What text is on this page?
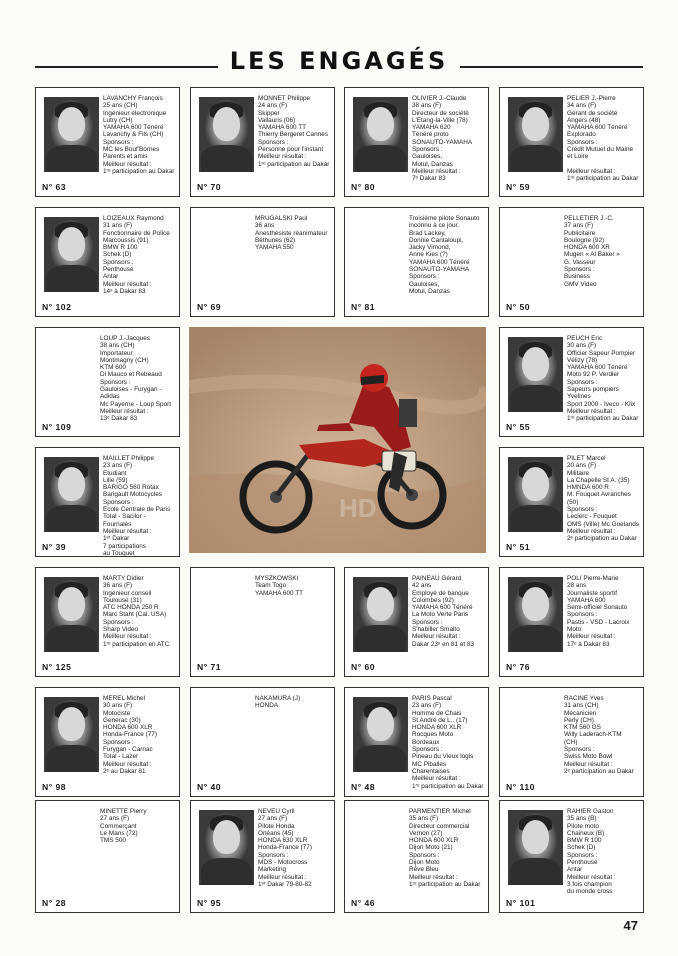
LES ENGAGÉS
LAVANCHY François
25 ans (CH)
Ingénieur électronique
Lutry (CH)
YAMAHA 600 Ténéré
Lavanchy & Fils (CH)
Sponsors :
MC les Bouf'Bornes
Parents et amis
Meilleur résultat :
1ʳᵉ participation au Dakar
N° 63
MONNET Philippe
24 ans (F)
Skipper
Vallauris (06)
YAMAHA 600 TT
Thierry Bergeret Cannes
Sponsors :
Personne pour l'instant
Meilleur résultat :
1ʳᵉ participation au Dakar
N° 70
OLIVIER J.-Claude
38 ans (F)
Directeur de société
L'Etang-la-Ville (78)
YAMAHA 620
Ténéré proto
SONAUTO-YAMAHA
Sponsors :
Gauloises,
Motul, Danzas
Meilleur résultat :
7ᵉ Dakar 83
N° 80
PELIER J.-Pierre
34 ans (F)
Gérant de société
Angers (48)
YAMAHA 600 Ténéré
Explorado
Sponsors :
Crédit Mutuel du Maine
et Loire

Meilleur résultat :
1ʳᵉ participation au Dakar
N° 59
LOIZEAUX Raymond
31 ans (F)
Fonctionnaire de Police
Marcoussis (91)
BMW R 100
Schek (D)
Sponsors :
Penthouse
Antar
Meilleur résultat :
14ᵉ à Dakar 83
N° 102
MRUGALSKI Paul
36 ans
Anesthésiste réanimateur
Béthunes (62)
YAMAHA 550
N° 69
Troisième pilote Sonauto
inconnu à ce jour.
Brad Lackey,
Donnie Cantaloupi,
Jacky Vimond,
Anne Kies (?)
YAMAHA 600 Ténéré
SONAUTO-YAMAHA
Sponsors :
Gauloises,
Motul, Danzas
N° 81
PELLETIER J.-C.
37 ans (F)
Publicitaire
Boulogne (92)
HONDA 600 XR
Mugen « Al Baker »
G. Vasseur
Sponsors :
Business
GMV Video
N° 50
LOUP J.-Jacques
38 ans (CH)
Importateur
Montmagny (CH)
KTM 600
Di Mauco et Rebeaud
Sponsors :
Gauloises - Furygan -
Adidas
Mc Payerne - Loup Sport
Meilleur résultat :
13ᵉ Dakar 83
N° 109
PEUCH Eric
30 ans (F)
Officier Sapeur Pompier
Vélizy (78)
YAMAHA 600 Ténéré
Moto 92 P. Verdier
Sponsors :
Sapeurs pompiers
Yvelines
Sport 2000 - Iveco - Klix
Meilleur résultat :
1ʳᵉ participation au Dakar
N° 55
MAILLET Philippe
23 ans (F)
Etudiant
Lille (59)
BARIGO 560 Rotax
Barigault Motocycles
Sponsors :
Ecole Centrale de Paris
Total - Sacilor -
Fournalès
Meilleur résultat :
1ᵉʳ Dakar
7 participations
au Touquet
N° 39
PILET Marcel
20 ans (F)
Militaire
La Chapelle St A. (35)
HMNDA 600 R
M. Fouquet Avranches
(50)
Sponsors :
Leclerc - Fouquet
OMS (Ville) Mc Goelands
Meilleur résultat :
2ᵉ participation au Dakar
N° 51
MARTY Didier
36 ans (F)
Ingénieur conseil
Toulouse (31)
ATC HONDA 250 R
Marc Staht (Cal. USA)
Sponsors :
Sharp Video
Meilleur résultat :
1ʳᵉ participation en ATC
N° 125
MYSZKOWSKI
Team Togo
YAMAHA 600 TT
N° 71
PAINEAU Gérard
42 ans
Employé de banque
Colombes (92)
YAMAHA 600 Ténéré
La Moto Verte Paris
Sponsors :
S'habiller Smalto
Meilleur résultat :
Dakar 23ᵉ en 81 et 83
N° 60
POLI Pierre-Marie
28 ans
Journaliste sportif
YAMAHA 600
Semi-officiel Sonauto
Sponsors :
Pastis - VSD - Lacroix
Moto
Meilleur résultat :
17ᵉ à Dakar 83
N° 76
MEREL Michel
30 ans (F)
Motociste
Generac (30)
HONDA 600 XLR
Honda-France (77)
Sponsors :
Furygan - Carnac
Total - Lazer
Meilleur résultat :
2ᵉ au Dakar 81
N° 98
NAKAMURA (J)
HONDA
N° 40
PARIS Pascal
23 ans (F)
Homme de Chais
St André de L.. (17)
HONDA 600 XLR
Rocques Moto
Bordeaux
Sponsors :
Pineau du Vieux logis
MC Piballes
Charentaises
Meilleur résultat :
1ʳᵉ participation au Dakar
N° 48
RACINE Yves
31 ans (CH)
Mécanicien
Perly (CH)
KTM 560 GS
Willy Laderach-KTM
(CH)
Sponsors :
Swiss Moto Bowl
Meilleur résultat :
2ᵉ participation au Dakar
N° 110
MINETTE Pierry
27 ans (F)
Commerçant
Le Mans (72)
TMS 500
N° 28
NEVEU Cyril
27 ans (F)
Pilote Honda
Orléans (45)
HONDA 630 XLR
Honda-France (77)
Sponsors :
MDS - Motocross
Marketing
Meilleur résultat :
1ᵉʳ Dakar 79-80-82
N° 95
PARMENTIER Michel
35 ans (F)
Directeur commercial
Vernon (27)
HONDA 600 XLR
Dijon Moto (21)
Sponsors :
Dijon Moto
Rêve Bleu
Meilleur résultat :
1ʳᵉ participation au Dakar
N° 46
RAHIER Gaston
35 ans (B)
Pilote moto
Chaineux (B)
BMW R 100
Schek (D)
Sponsors :
Penthouse
Antar
Meilleur résultat :
3 fois champion
du monde cross
N° 101
HD
47
